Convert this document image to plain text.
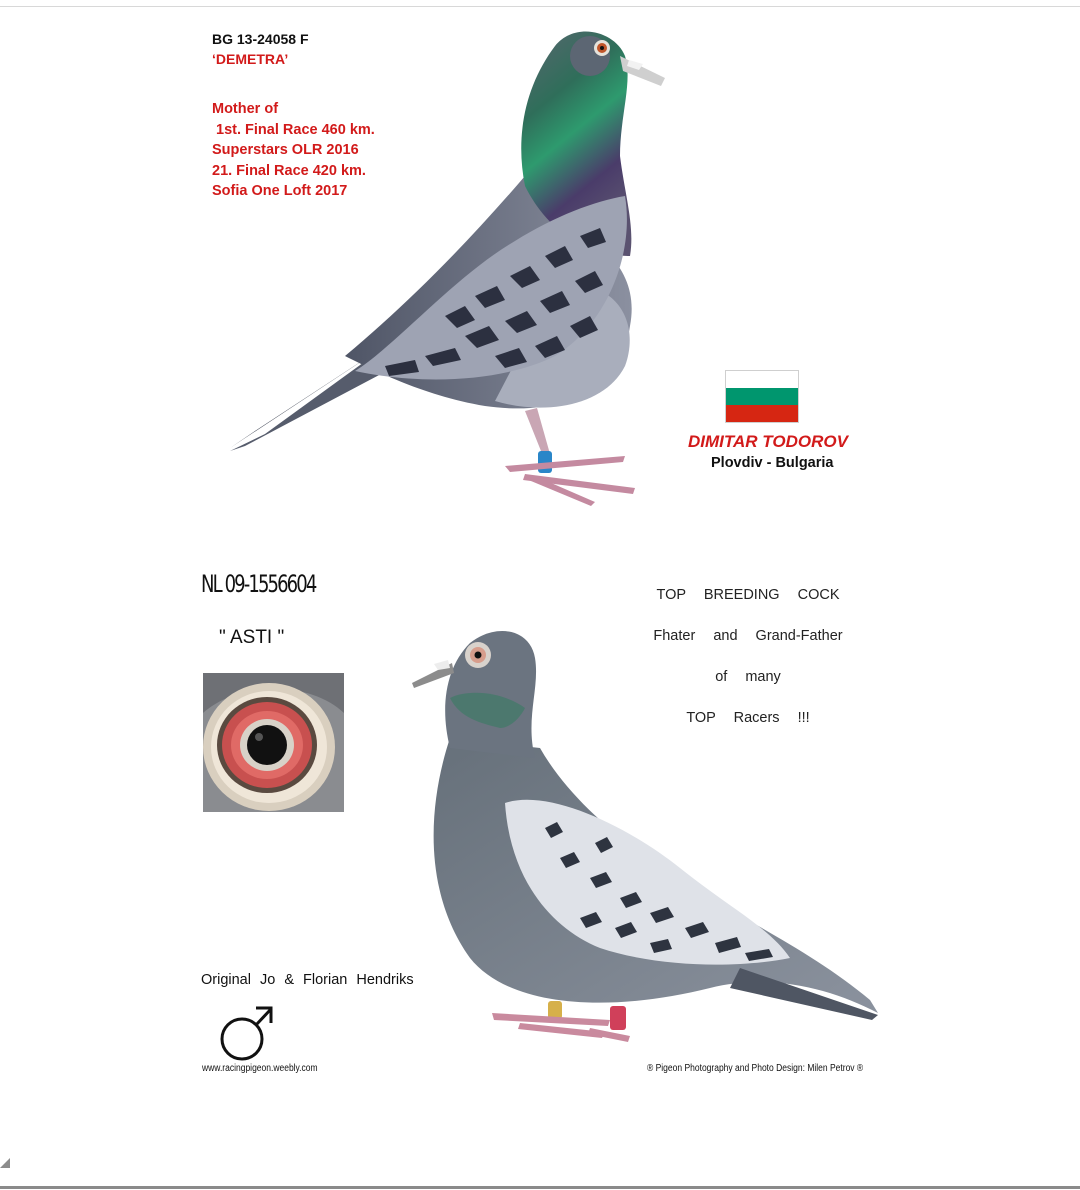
BG 13-24058 F
‘DEMETRA’
Mother of
1st. Final Race 460 km.
Superstars OLR 2016
21. Final Race 420 km.
Sofia One Loft 2017
DIMITAR TODOROV
Plovdiv - Bulgaria
NL 09-1556604
" ASTI "
TOP BREEDING COCK
Fhater and Grand-Father
of many
TOP Racers !!!
Original Jo & Florian Hendriks
www.racingpigeon.weebly.com	® Pigeon Photography and Photo Design: Milen Petrov ®
